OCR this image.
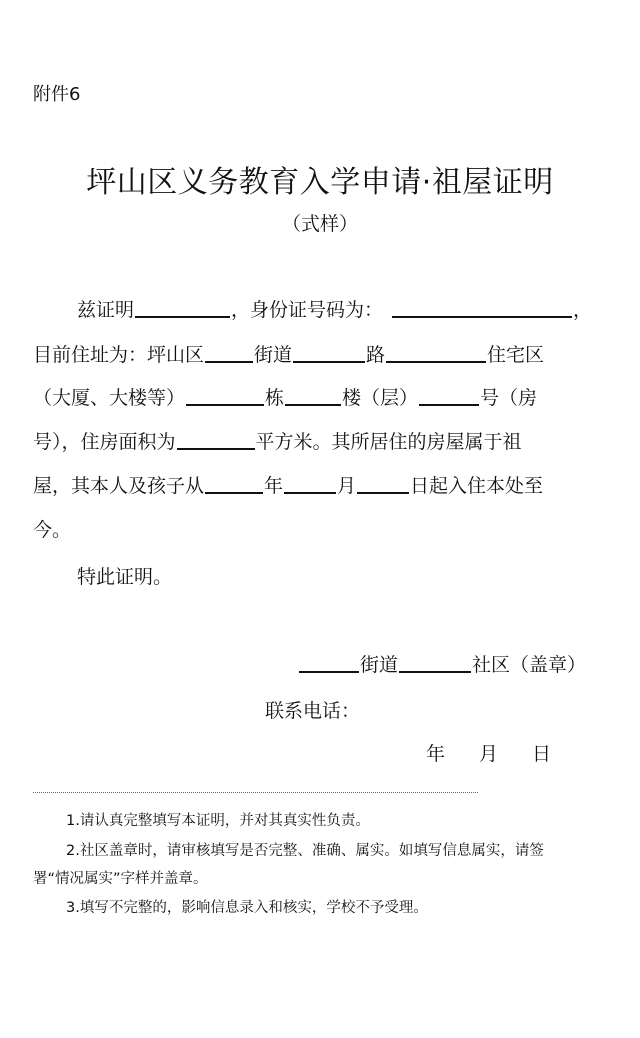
附件6
坪山区义务教育入学申请·祖屋证明
（式样）
兹证明	，身份证号码为：	，
目前住址为：坪山区	街道	路	住宅区
（大厦、大楼等）	栋	楼（层）	号（房
号），住房面积为	平方米。其所居住的房屋属于祖
屋，其本人及孩子从	年	月	日起入住本处至
今。
特此证明。
街道	社区（盖章）
联系电话：
年 月 日
1.请认真完整填写本证明，并对其真实性负责。
2.社区盖章时，请审核填写是否完整、准确、属实。如填写信息属实，请签
署“情况属实”字样并盖章。
3.填写不完整的，影响信息录入和核实，学校不予受理。
